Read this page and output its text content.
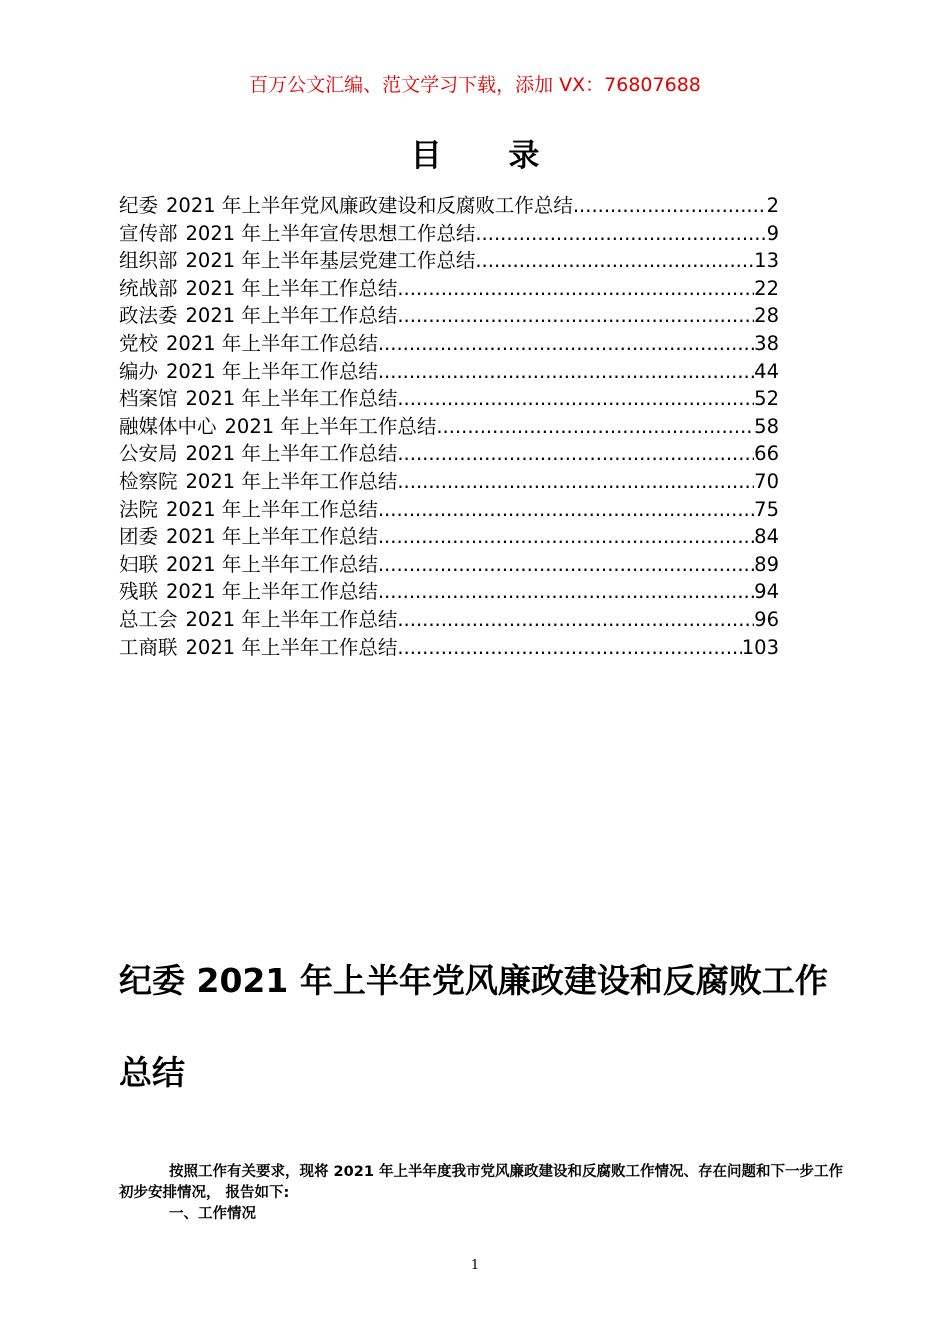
百万公文汇编、范文学习下载，添加 VX：76807688
目 录
纪委 2021 年上半年党风廉政建设和反腐败工作总结 .....	2
宣传部 2021 年上半年宣传思想工作总结 .....	9
组织部 2021 年上半年基层党建工作总结 .....	13
统战部 2021 年上半年工作总结 .....	22
政法委 2021 年上半年工作总结 .....	28
党校 2021 年上半年工作总结 .....	38
编办 2021 年上半年工作总结 .....	44
档案馆 2021 年上半年工作总结 .....	52
融媒体中心 2021 年上半年工作总结 .....	58
公安局 2021 年上半年工作总结 .....	66
检察院 2021 年上半年工作总结 .....	70
法院 2021 年上半年工作总结 .....	75
团委 2021 年上半年工作总结 .....	84
妇联 2021 年上半年工作总结 .....	89
残联 2021 年上半年工作总结 .....	94
总工会 2021 年上半年工作总结 .....	96
工商联 2021 年上半年工作总结 .....	103
纪委 2021 年上半年党风廉政建设和反腐败工作总结

按照工作有关要求，现将 2021 年上半年度我市党风廉政建设和反腐败工作情况、存在问题和下一步工作初步安排情况， 报告如下:

一、工作情况

1
